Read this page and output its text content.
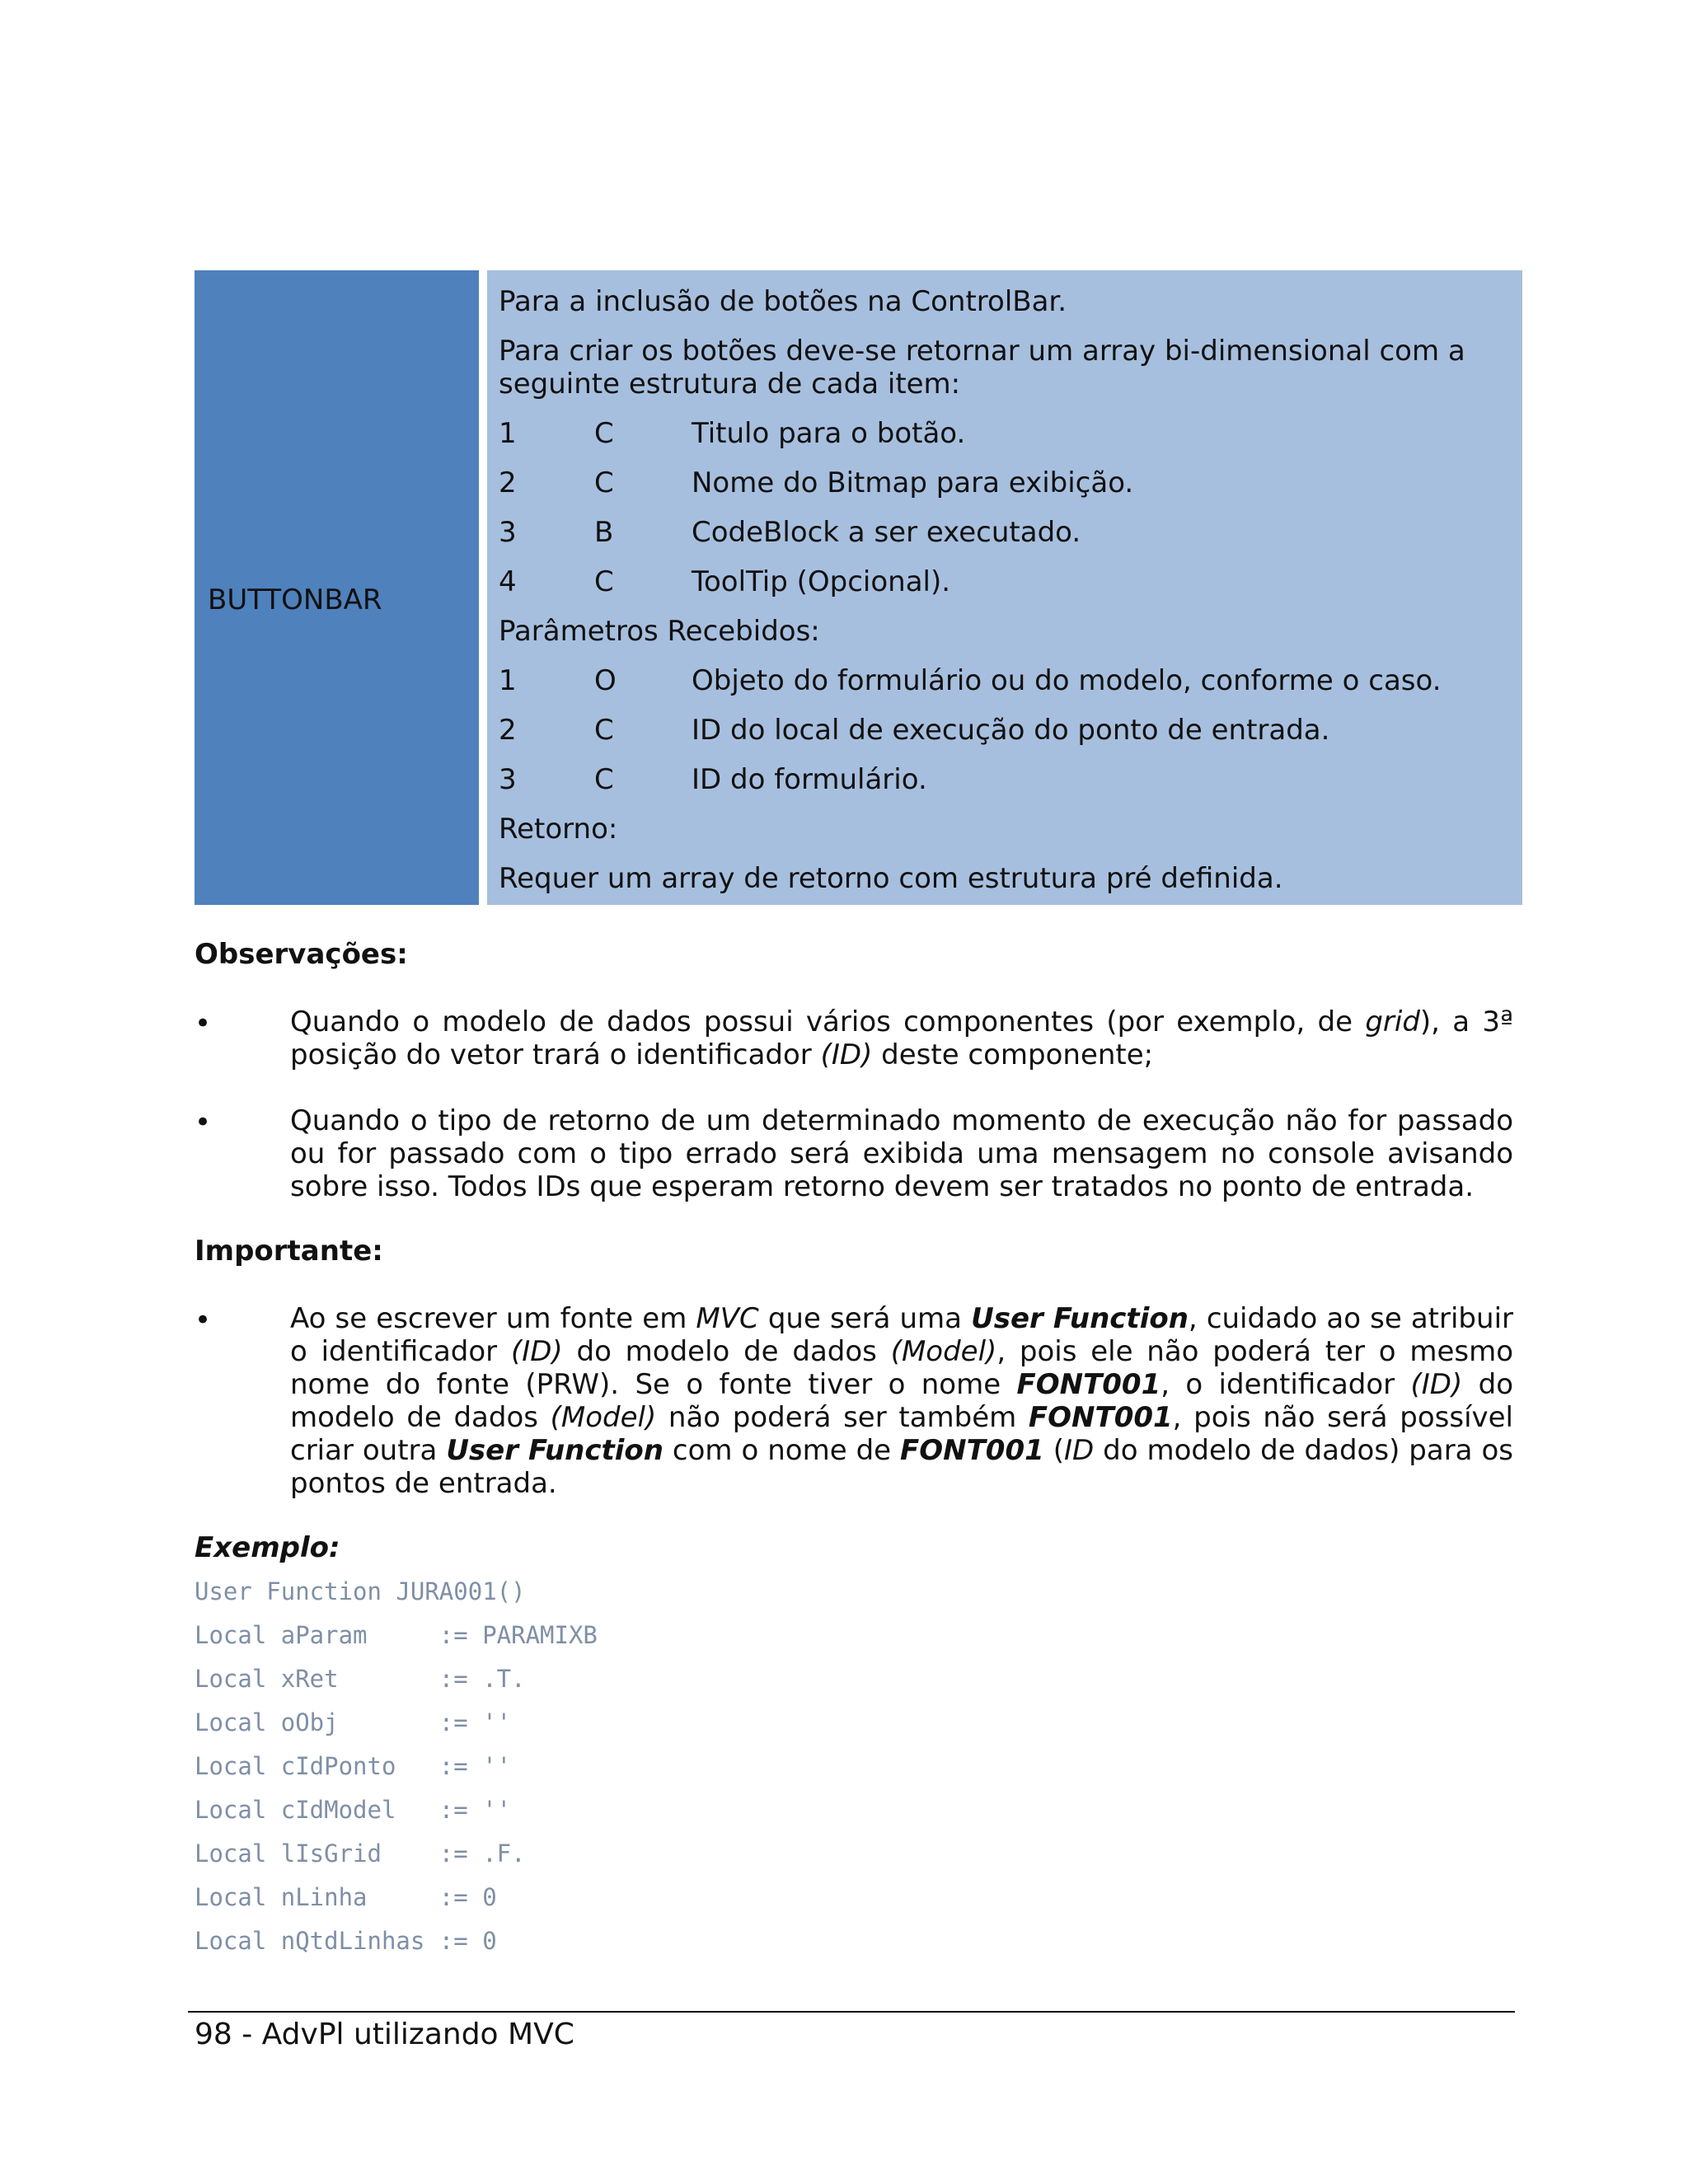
BUTTONBAR
Para a inclusão de botões na ControlBar.
Para criar os botões deve-se retornar um array bi-dimensional com a
seguinte estrutura de cada item:
1	C	Titulo para o botão.
2	C	Nome do Bitmap para exibição.
3	B	CodeBlock a ser executado.
4	C	ToolTip (Opcional).
Parâmetros Recebidos:
1	O	Objeto do formulário ou do modelo, conforme o caso.
2	C	ID do local de execução do ponto de entrada.
3	C	ID do formulário.
Retorno:
Requer um array de retorno com estrutura pré definida.
Observações:
•	Quando o modelo de dados possui vários componentes (por exemplo, de grid), a 3ª posição do vetor trará o identificador (ID) deste componente;
•	Quando o tipo de retorno de um determinado momento de execução não for passado ou for passado com o tipo errado será exibida uma mensagem no console avisando sobre isso. Todos IDs que esperam retorno devem ser tratados no ponto de entrada.
Importante:
•	Ao se escrever um fonte em MVC que será uma User Function, cuidado ao se atribuir o identificador (ID) do modelo de dados (Model), pois ele não poderá ter o mesmo nome do fonte (PRW). Se o fonte tiver o nome FONT001, o identificador (ID) do modelo de dados (Model) não poderá ser também FONT001, pois não será possível criar outra User Function com o nome de FONT001 (ID do modelo de dados) para os pontos de entrada.
Exemplo:
User Function JURA001()
Local aParam     := PARAMIXB
Local xRet       := .T.
Local oObj       := ''
Local cIdPonto   := ''
Local cIdModel   := ''
Local lIsGrid    := .F.
Local nLinha     := 0
Local nQtdLinhas := 0
98 - AdvPl utilizando MVC
